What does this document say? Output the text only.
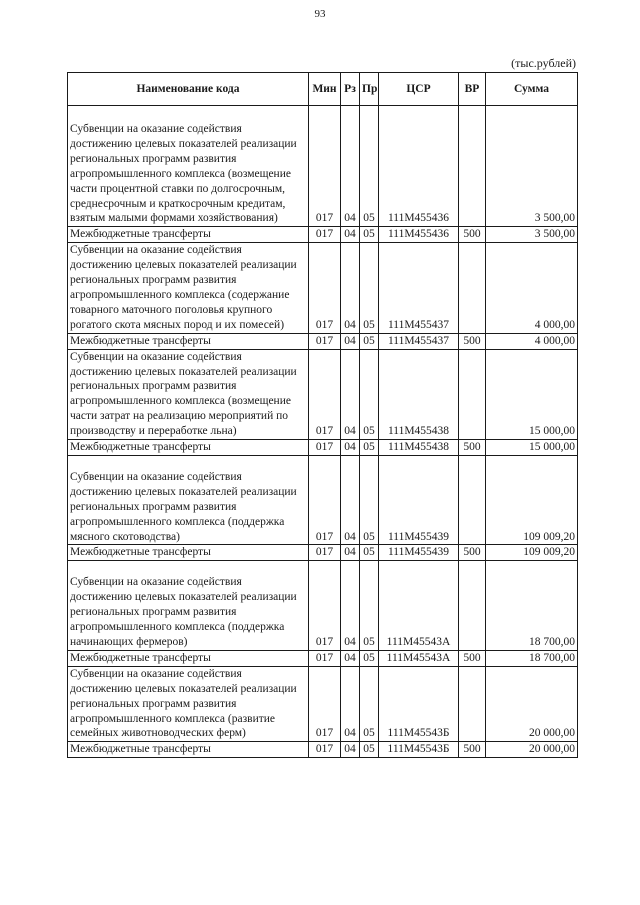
93
(тыс.рублей)
Наименование кода	Мин	Рз	Пр	ЦСР	ВР	Сумма
Субвенции на оказание содействия достижению целевых показателей реализации региональных программ развития агропромышленного комплекса (возмещение части процентной ставки по долгосрочным, среднесрочным и краткосрочным кредитам, взятым малыми формами хозяйствования)	017	04	05	111М455436		3 500,00
Межбюджетные трансферты	017	04	05	111М455436	500	3 500,00
Субвенции на оказание содействия достижению целевых показателей реализации региональных программ развития агропромышленного комплекса (содержание товарного маточного поголовья крупного рогатого скота мясных пород и их помесей)	017	04	05	111М455437		4 000,00
Межбюджетные трансферты	017	04	05	111М455437	500	4 000,00
Субвенции на оказание содействия достижению целевых показателей реализации региональных программ развития агропромышленного комплекса (возмещение части затрат на реализацию мероприятий по производству и переработке льна)	017	04	05	111М455438		15 000,00
Межбюджетные трансферты	017	04	05	111М455438	500	15 000,00
Субвенции на оказание содействия достижению целевых показателей реализации региональных программ развития агропромышленного комплекса (поддержка мясного скотоводства)	017	04	05	111М455439		109 009,20
Межбюджетные трансферты	017	04	05	111М455439	500	109 009,20
Субвенции на оказание содействия достижению целевых показателей реализации региональных программ развития агропромышленного комплекса (поддержка начинающих фермеров)	017	04	05	111М45543А		18 700,00
Межбюджетные трансферты	017	04	05	111М45543А	500	18 700,00
Субвенции на оказание содействия достижению целевых показателей реализации региональных программ развития агропромышленного комплекса (развитие семейных животноводческих ферм)	017	04	05	111М45543Б		20 000,00
Межбюджетные трансферты	017	04	05	111М45543Б	500	20 000,00
